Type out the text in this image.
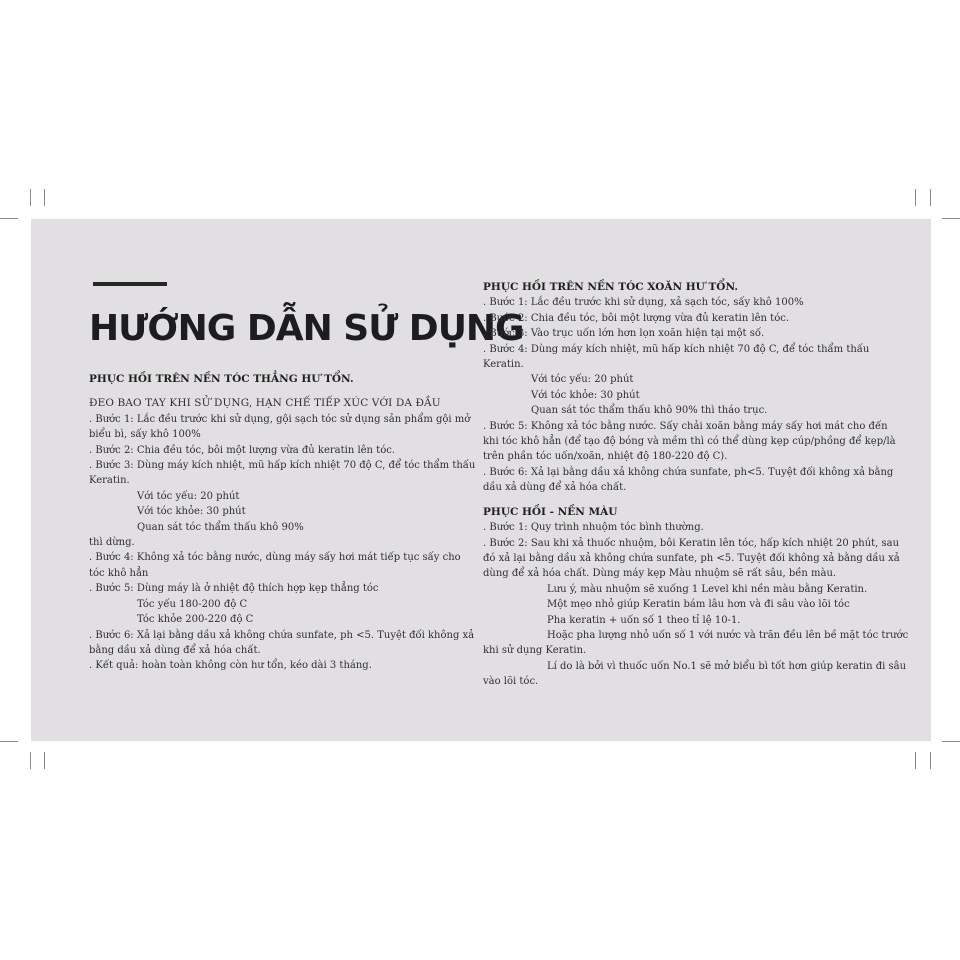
HƯỚNG DẪN SỬ DỤNG
PHỤC HỒI TRÊN NỀN TÓC THẲNG HƯ TỔN.
ĐEO BAO TAY KHI SỬ DỤNG, HẠN CHẾ TIẾP XÚC VỚI DA ĐẦU
. Bước 1: Lắc đều trước khi sử dụng, gội sạch tóc sử dụng sản phẩm gội mở
biểu bì, sấy khô 100%
. Bước 2: Chia đều tóc, bôi một lượng vừa đủ keratin lên tóc.
. Bước 3: Dùng máy kích nhiệt, mũ hấp kích nhiệt 70 độ C, để tóc thẩm thấu
Keratin.
Với tóc yếu: 20 phút
Với tóc khỏe: 30 phút
Quan sát tóc thẩm thấu khô 90%
thì dừng.
. Bước 4: Không xả tóc bằng nước, dùng máy sấy hơi mát tiếp tục sấy cho
tóc khô hẳn
. Bước 5: Dùng máy là ở nhiệt độ thích hợp kẹp thẳng tóc
Tóc yếu 180-200 độ C
Tóc khỏe 200-220 độ C
. Bước 6: Xả lại bằng dầu xả không chứa sunfate, ph <5. Tuyệt đối không xả
bằng dầu xả dùng để xả hóa chất.
. Kết quả: hoàn toàn không còn hư tổn, kéo dài 3 tháng.
PHỤC HỒI TRÊN NỀN TÓC XOĂN HƯ TỔN.
. Bước 1: Lắc đều trước khi sử dụng, xả sạch tóc, sấy khô 100%
. Bước 2: Chia đều tóc, bôi một lượng vừa đủ keratin lên tóc.
. Bước 3: Vào trục uốn lớn hơn lọn xoăn hiện tại một số.
. Bước 4: Dùng máy kích nhiệt, mũ hấp kích nhiệt 70 độ C, để tóc thẩm thấu
Keratin.
Với tóc yếu: 20 phút
Với tóc khỏe: 30 phút
Quan sát tóc thẩm thấu khô 90% thì tháo trục.
. Bước 5: Không xả tóc bằng nước. Sấy chải xoăn bằng máy sấy hơi mát cho đến
khi tóc khô hẳn (để tạo độ bóng và mềm thì có thể dùng kẹp cúp/phồng để kẹp/là
trên phần tóc uốn/xoăn, nhiệt độ 180-220 độ C).
. Bước 6: Xả lại bằng dầu xả không chứa sunfate, ph<5. Tuyệt đối không xả bằng
dầu xả dùng để xả hóa chất.
PHỤC HỒI - NỀN MÀU
. Bước 1: Quy trình nhuộm tóc bình thường.
. Bước 2: Sau khi xả thuốc nhuộm, bôi Keratin lên tóc, hấp kích nhiệt 20 phút, sau
đó xả lại bằng dầu xả không chứa sunfate, ph <5. Tuyệt đối không xả bằng dầu xả
dùng để xả hóa chất. Dùng máy kẹp Màu nhuộm sẽ rất sâu, bền màu.
Lưu ý, màu nhuộm sẽ xuống 1 Level khi nền màu bằng Keratin.
Một mẹo nhỏ giúp Keratin bám lâu hơn và đi sâu vào lõi tóc
Pha keratin + uốn số 1 theo tỉ lệ 10-1.
Hoặc pha lượng nhỏ uốn số 1 với nước và trãn đều lên bề mặt tóc trước
khi sử dụng Keratin.
Lí do là bởi vì thuốc uốn No.1 sẽ mở biểu bì tốt hơn giúp keratin đi sâu
vào lõi tóc.
